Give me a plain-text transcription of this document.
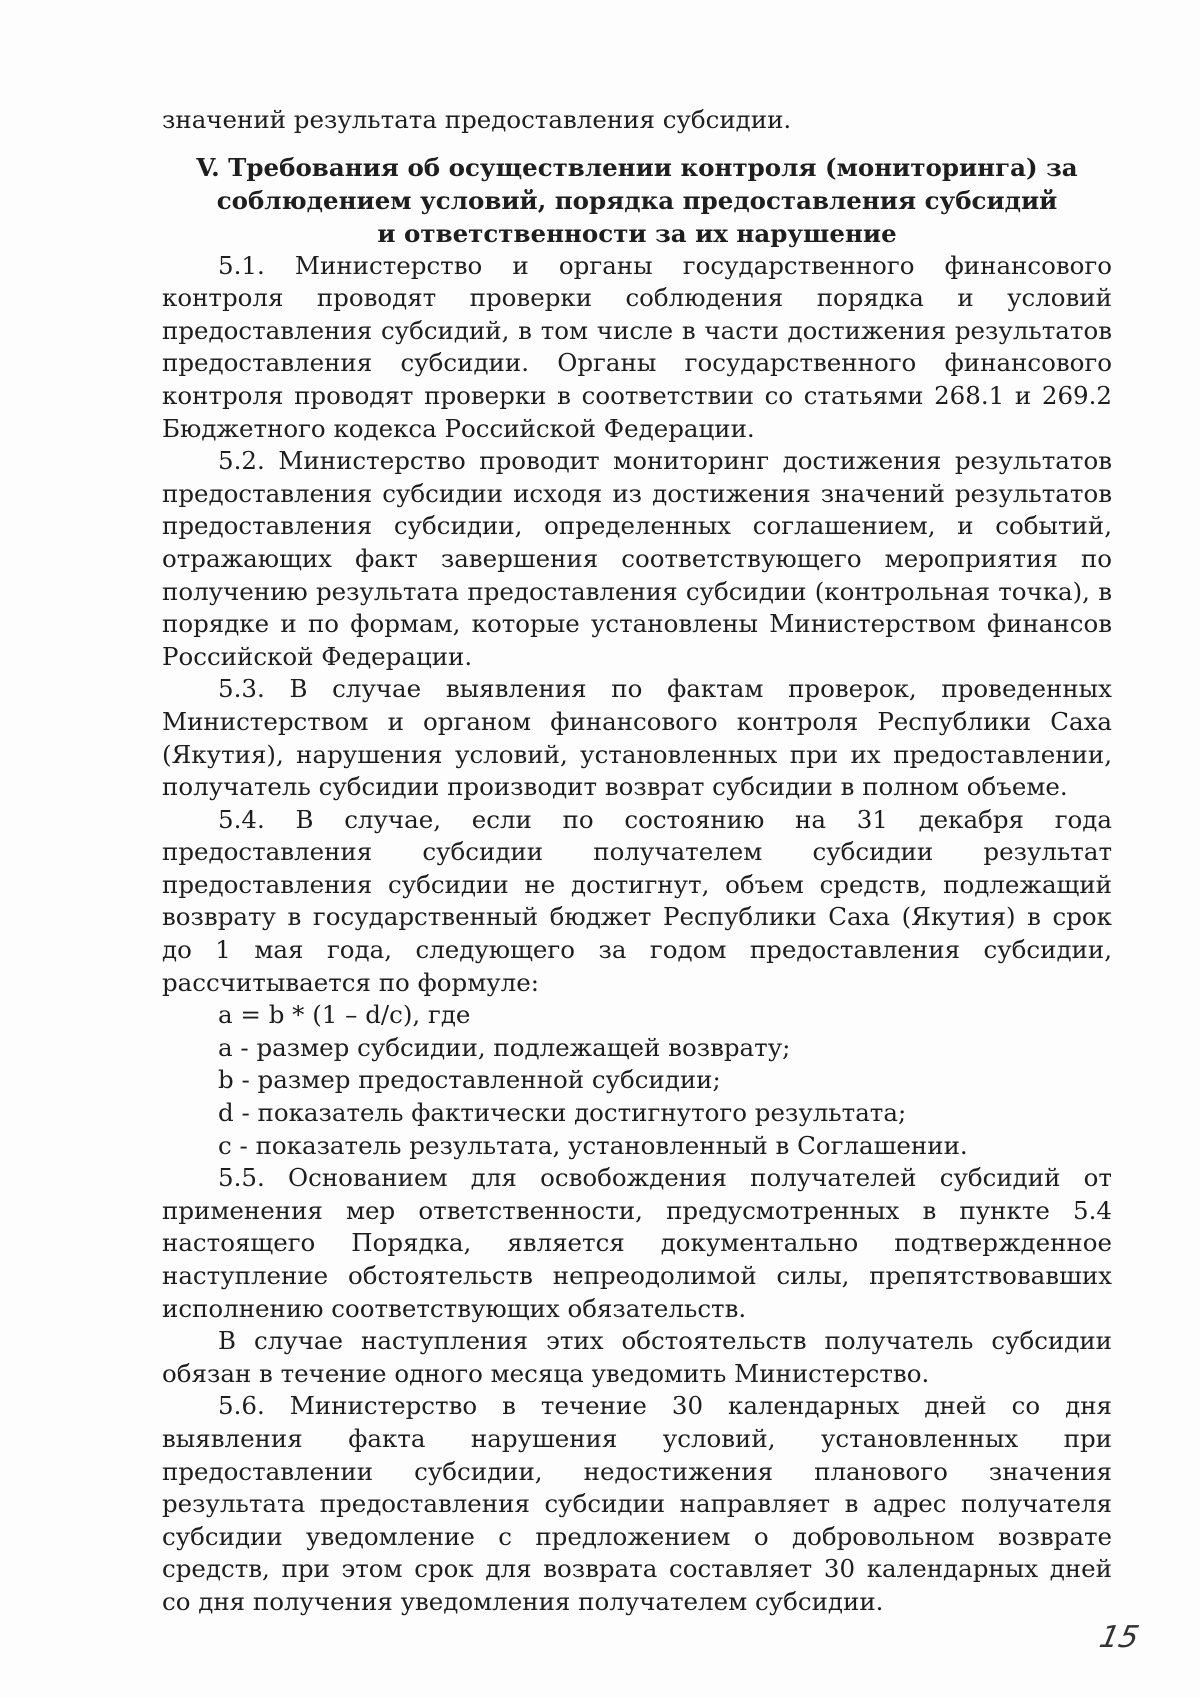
значений результата предоставления субсидии.

V. Требования об осуществлении контроля (мониторинга) за
соблюдением условий, порядка предоставления субсидий
и ответственности за их нарушение

5.1. Министерство и органы государственного финансового контроля проводят проверки соблюдения порядка и условий предоставления субсидий, в том числе в части достижения результатов предоставления субсидии. Органы государственного финансового контроля проводят проверки в соответствии со статьями 268.1 и 269.2 Бюджетного кодекса Российской Федерации.

5.2. Министерство проводит мониторинг достижения результатов предоставления субсидии исходя из достижения значений результатов предоставления субсидии, определенных соглашением, и событий, отражающих факт завершения соответствующего мероприятия по получению результата предоставления субсидии (контрольная точка), в порядке и по формам, которые установлены Министерством финансов Российской Федерации.

5.3. В случае выявления по фактам проверок, проведенных Министерством и органом финансового контроля Республики Саха (Якутия), нарушения условий, установленных при их предоставлении, получатель субсидии производит возврат субсидии в полном объеме.

5.4. В случае, если по состоянию на 31 декабря года предоставления субсидии получателем субсидии результат предоставления субсидии не достигнут, объем средств, подлежащий возврату в государственный бюджет Республики Саха (Якутия) в срок до 1 мая года, следующего за годом предоставления субсидии, рассчитывается по формуле:

a = b * (1 – d/c), где

a - размер субсидии, подлежащей возврату;

b - размер предоставленной субсидии;

d - показатель фактически достигнутого результата;

c - показатель результата, установленный в Соглашении.

5.5. Основанием для освобождения получателей субсидий от применения мер ответственности, предусмотренных в пункте 5.4 настоящего Порядка, является документально подтвержденное наступление обстоятельств непреодолимой силы, препятствовавших исполнению соответствующих обязательств.

В случае наступления этих обстоятельств получатель субсидии обязан в течение одного месяца уведомить Министерство.

5.6. Министерство в течение 30 календарных дней со дня выявления факта нарушения условий, установленных при предоставлении субсидии, недостижения планового значения результата предоставления субсидии направляет в адрес получателя субсидии уведомление с предложением о добровольном возврате средств, при этом срок для возврата составляет 30 календарных дней со дня получения уведомления получателем субсидии.

15
